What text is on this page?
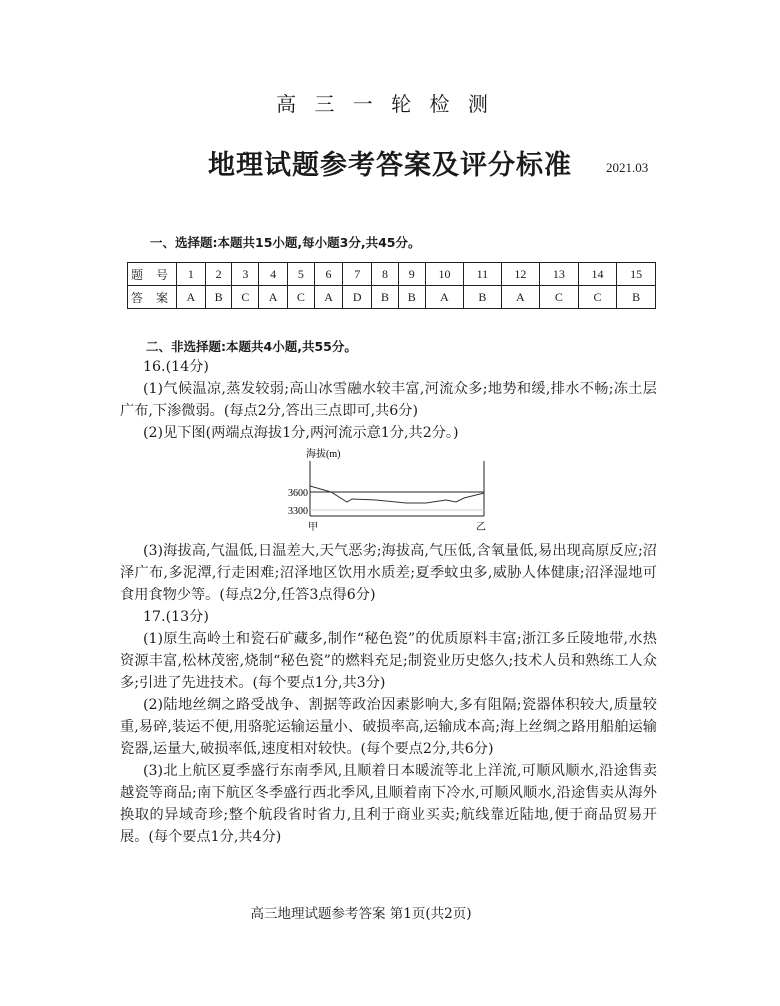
高 三 一 轮 检 测
地理试题参考答案及评分标准	2021.03
一、选择题:本题共15小题,每小题3分,共45分。
题 号	1	2	3	4	5	6	7	8	9	10	11	12	13	14	15
答 案	A	B	C	A	C	A	D	B	B	A	B	A	C	C	B
二、非选择题:本题共4小题,共55分。

16.(14分)

(1)气候温凉,蒸发较弱;高山冰雪融水较丰富,河流众多;地势和缓,排水不畅;冻土层广布,下渗微弱。(每点2分,答出三点即可,共6分)

(2)见下图(两端点海拔1分,两河流示意1分,共2分。)

海拔(m)
3600
3300
甲	乙

(3)海拔高,气温低,日温差大,天气恶劣;海拔高,气压低,含氧量低,易出现高原反应;沼泽广布,多泥潭,行走困难;沼泽地区饮用水质差;夏季蚊虫多,威胁人体健康;沼泽湿地可食用食物少等。(每点2分,任答3点得6分)

17.(13分)

(1)原生高岭土和瓷石矿藏多,制作“秘色瓷”的优质原料丰富;浙江多丘陵地带,水热资源丰富,松林茂密,烧制“秘色瓷”的燃料充足;制瓷业历史悠久;技术人员和熟练工人众多;引进了先进技术。(每个要点1分,共3分)

(2)陆地丝绸之路受战争、割据等政治因素影响大,多有阻隔;瓷器体积较大,质量较重,易碎,装运不便,用骆驼运输运量小、破损率高,运输成本高;海上丝绸之路用船舶运输瓷器,运量大,破损率低,速度相对较快。(每个要点2分,共6分)

(3)北上航区夏季盛行东南季风,且顺着日本暖流等北上洋流,可顺风顺水,沿途售卖越瓷等商品;南下航区冬季盛行西北季风,且顺着南下冷水,可顺风顺水,沿途售卖从海外换取的异域奇珍;整个航段省时省力,且利于商业买卖;航线靠近陆地,便于商品贸易开展。(每个要点1分,共4分)

高三地理试题参考答案 第1页(共2页)
